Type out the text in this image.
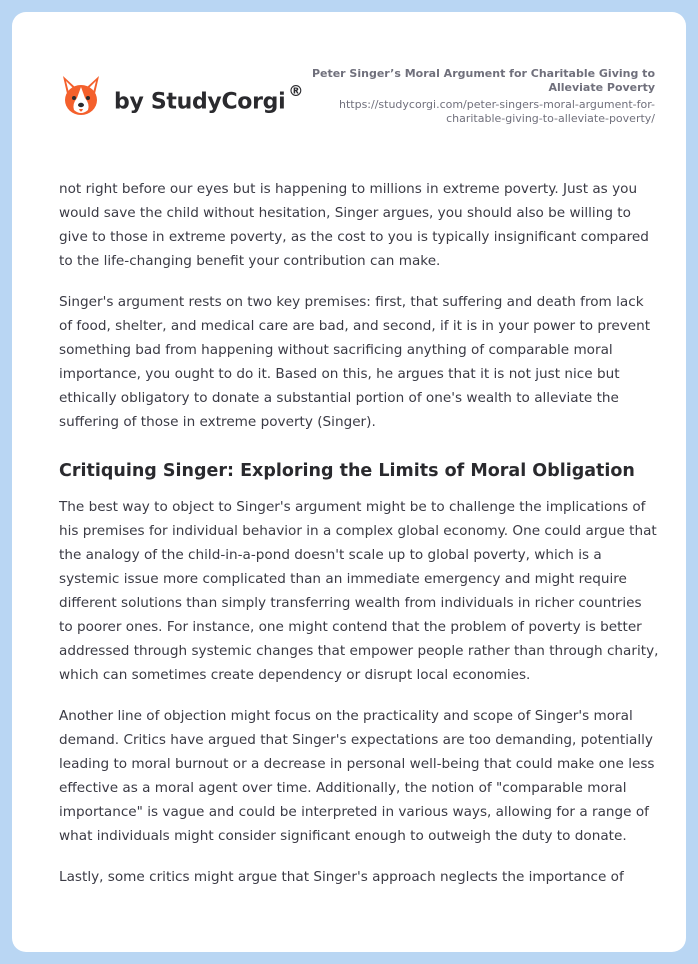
by StudyCorgi ®
Peter Singer’s Moral Argument for Charitable Giving to Alleviate Poverty
https://studycorgi.com/peter-singers-moral-argument-for-
charitable-giving-to-alleviate-poverty/

not right before our eyes but is happening to millions in extreme poverty. Just as you would save the child without hesitation, Singer argues, you should also be willing to give to those in extreme poverty, as the cost to you is typically insignificant compared to the life-changing benefit your contribution can make.

Singer's argument rests on two key premises: first, that suffering and death from lack of food, shelter, and medical care are bad, and second, if it is in your power to prevent something bad from happening without sacrificing anything of comparable moral importance, you ought to do it. Based on this, he argues that it is not just nice but ethically obligatory to donate a substantial portion of one's wealth to alleviate the suffering of those in extreme poverty (Singer).

Critiquing Singer: Exploring the Limits of Moral Obligation

The best way to object to Singer's argument might be to challenge the implications of his premises for individual behavior in a complex global economy. One could argue that the analogy of the child-in-a-pond doesn't scale up to global poverty, which is a systemic issue more complicated than an immediate emergency and might require different solutions than simply transferring wealth from individuals in richer countries to poorer ones. For instance, one might contend that the problem of poverty is better addressed through systemic changes that empower people rather than through charity, which can sometimes create dependency or disrupt local economies.

Another line of objection might focus on the practicality and scope of Singer's moral demand. Critics have argued that Singer's expectations are too demanding, potentially leading to moral burnout or a decrease in personal well-being that could make one less effective as a moral agent over time. Additionally, the notion of "comparable moral importance" is vague and could be interpreted in various ways, allowing for a range of what individuals might consider significant enough to outweigh the duty to donate.

Lastly, some critics might argue that Singer's approach neglects the importance of
